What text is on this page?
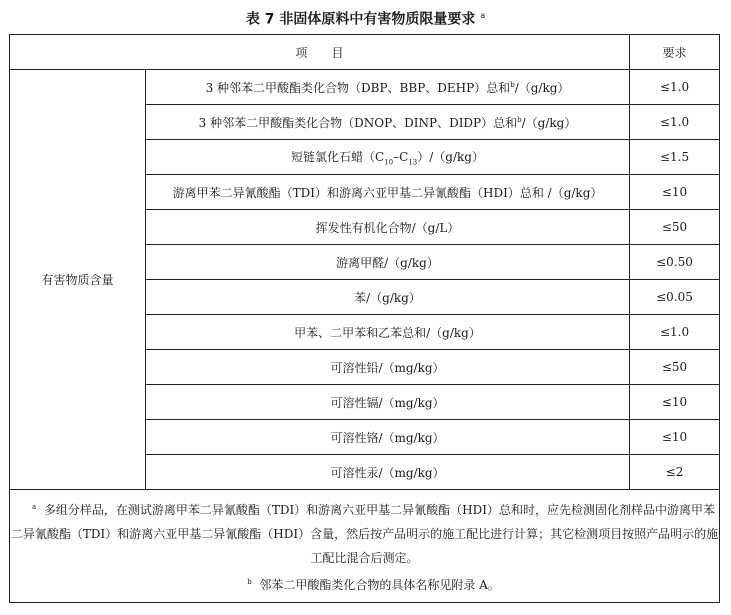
表 7 非固体原料中有害物质限量要求 $^a$
项　　目		要求
有害物质含量	3 种邻苯二甲酸酯类化合物（DBP、BBP、DEHP）总和$^b$/（g/kg）	≤1.0
	3 种邻苯二甲酸酯类化合物（DNOP、DINP、DIDP）总和$^b$/（g/kg）	≤1.0
	短链氯化石蜡$(C_{10}-C_{13})/(g/kg)$	≤1.5
	游离甲苯二异氰酸酯（TDI）和游离六亚甲基二异氰酸酯（HDI）总和 /（g/kg）	≤10
	挥发性有机化合物/（g/L）	≤50
	游离甲醛/（g/kg）	≤0.50
	苯/（g/kg）	≤0.05
	甲苯、二甲苯和乙苯总和/（g/kg）	≤1.0
	可溶性铅/（mg/kg）	≤50
	可溶性镉/（mg/kg）	≤10
	可溶性铬/（mg/kg）	≤10
	可溶性汞/（mg/kg）	≤2

$^a$ 多组分样品，在测试游离甲苯二异氰酸酯（TDI）和游离六亚甲基二异氰酸酯（HDI）总和时，应先检测固化剂样品中游离甲苯二异氰酸酯（TDI）和游离六亚甲基二异氰酸酯（HDI）含量，然后按产品明示的施工配比进行计算；其它检测项目按照产品明示的施工配比混合后测定。

$^b$ 邻苯二甲酸酯类化合物的具体名称见附录 A。		
